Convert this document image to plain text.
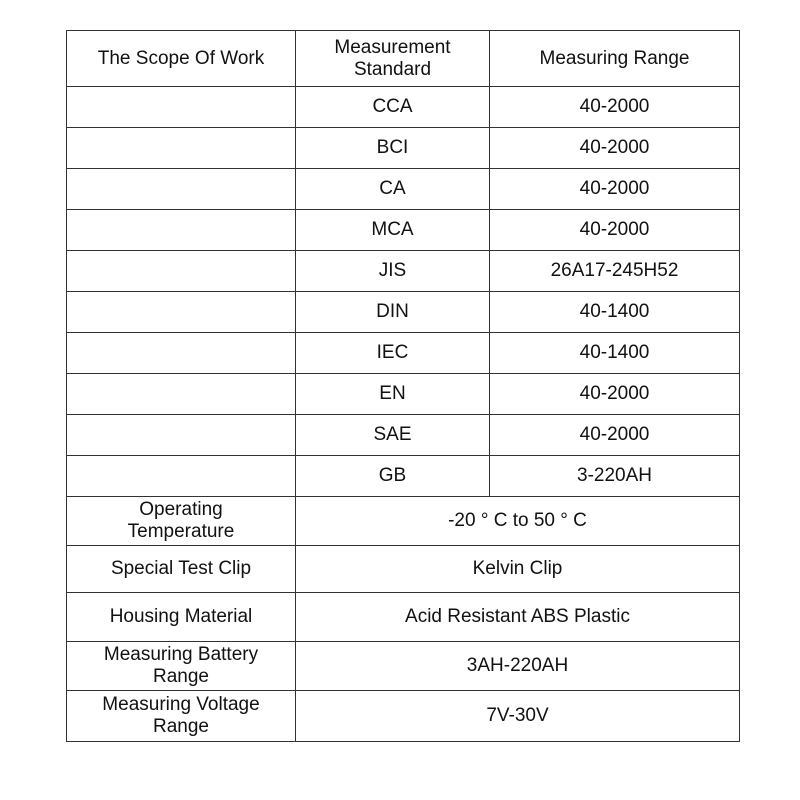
The Scope Of Work	Measurement Standard	Measuring Range
	CCA	40-2000
	BCI	40-2000
	CA	40-2000
	MCA	40-2000
	JIS	26A17-245H52
	DIN	40-1400
	IEC	40-1400
	EN	40-2000
	SAE	40-2000
	GB	3-220AH
Operating Temperature	-20 ° C to 50 ° C	
Special Test Clip	Kelvin Clip	
Housing Material	Acid Resistant ABS Plastic	
Measuring Battery Range	3AH-220AH	
Measuring Voltage Range	7V-30V	
